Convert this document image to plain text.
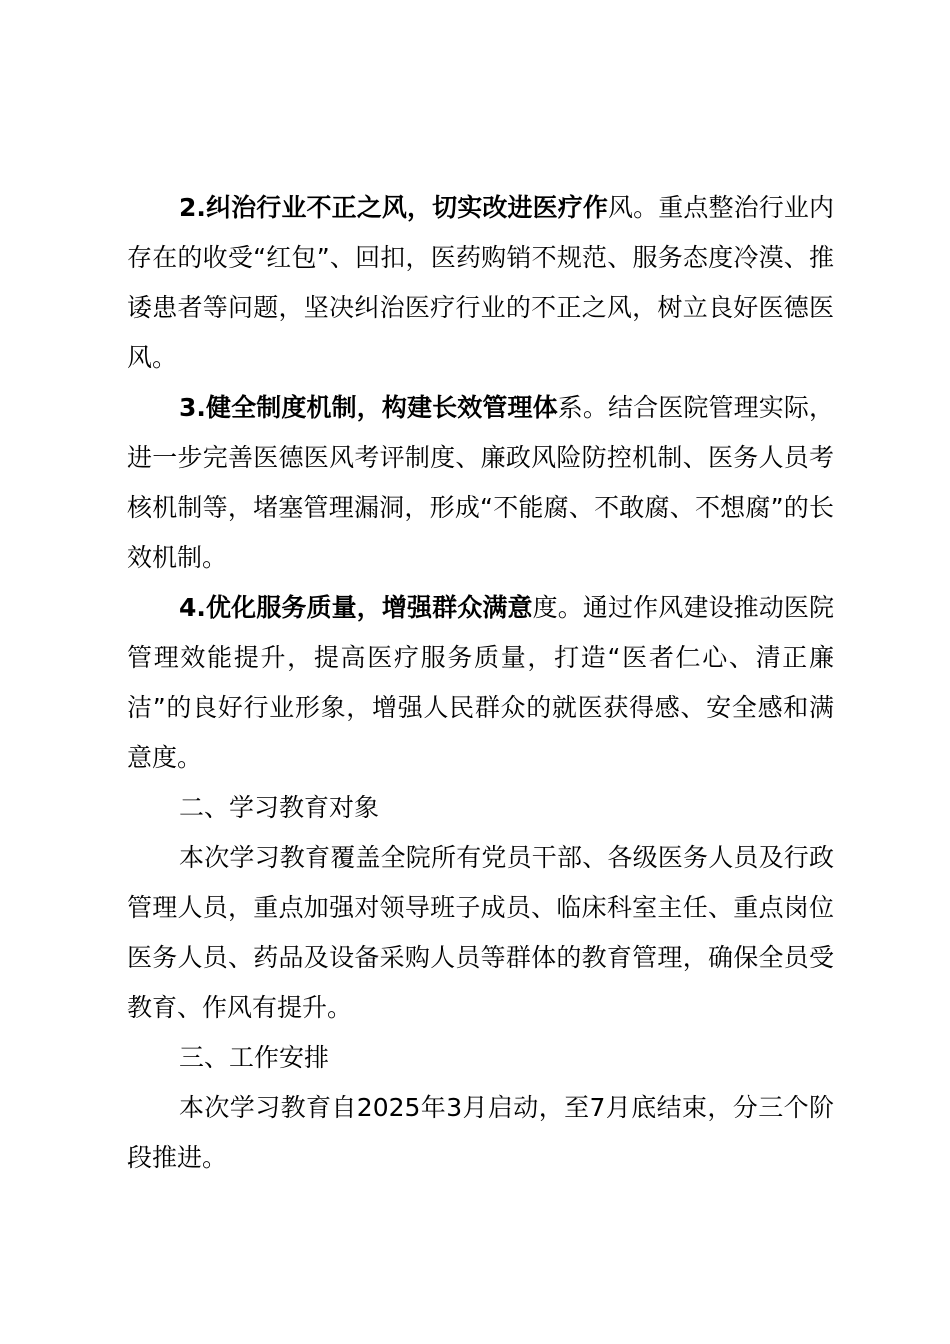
2.纠治行业不正之风，切实改进医疗作风。重点整治行业内存在的收受“红包”、回扣，医药购销不规范、服务态度冷漠、推诿患者等问题，坚决纠治医疗行业的不正之风，树立良好医德医风。

3.健全制度机制，构建长效管理体系。结合医院管理实际，进一步完善医德医风考评制度、廉政风险防控机制、医务人员考核机制等，堵塞管理漏洞，形成“不能腐、不敢腐、不想腐”的长效机制。

4.优化服务质量，增强群众满意度。通过作风建设推动医院管理效能提升，提高医疗服务质量，打造“医者仁心、清正廉洁”的良好行业形象，增强人民群众的就医获得感、安全感和满意度。

二、学习教育对象

本次学习教育覆盖全院所有党员干部、各级医务人员及行政管理人员，重点加强对领导班子成员、临床科室主任、重点岗位医务人员、药品及设备采购人员等群体的教育管理，确保全员受教育、作风有提升。

三、工作安排

本次学习教育自2025年3月启动，至7月底结束，分三个阶段推进。
